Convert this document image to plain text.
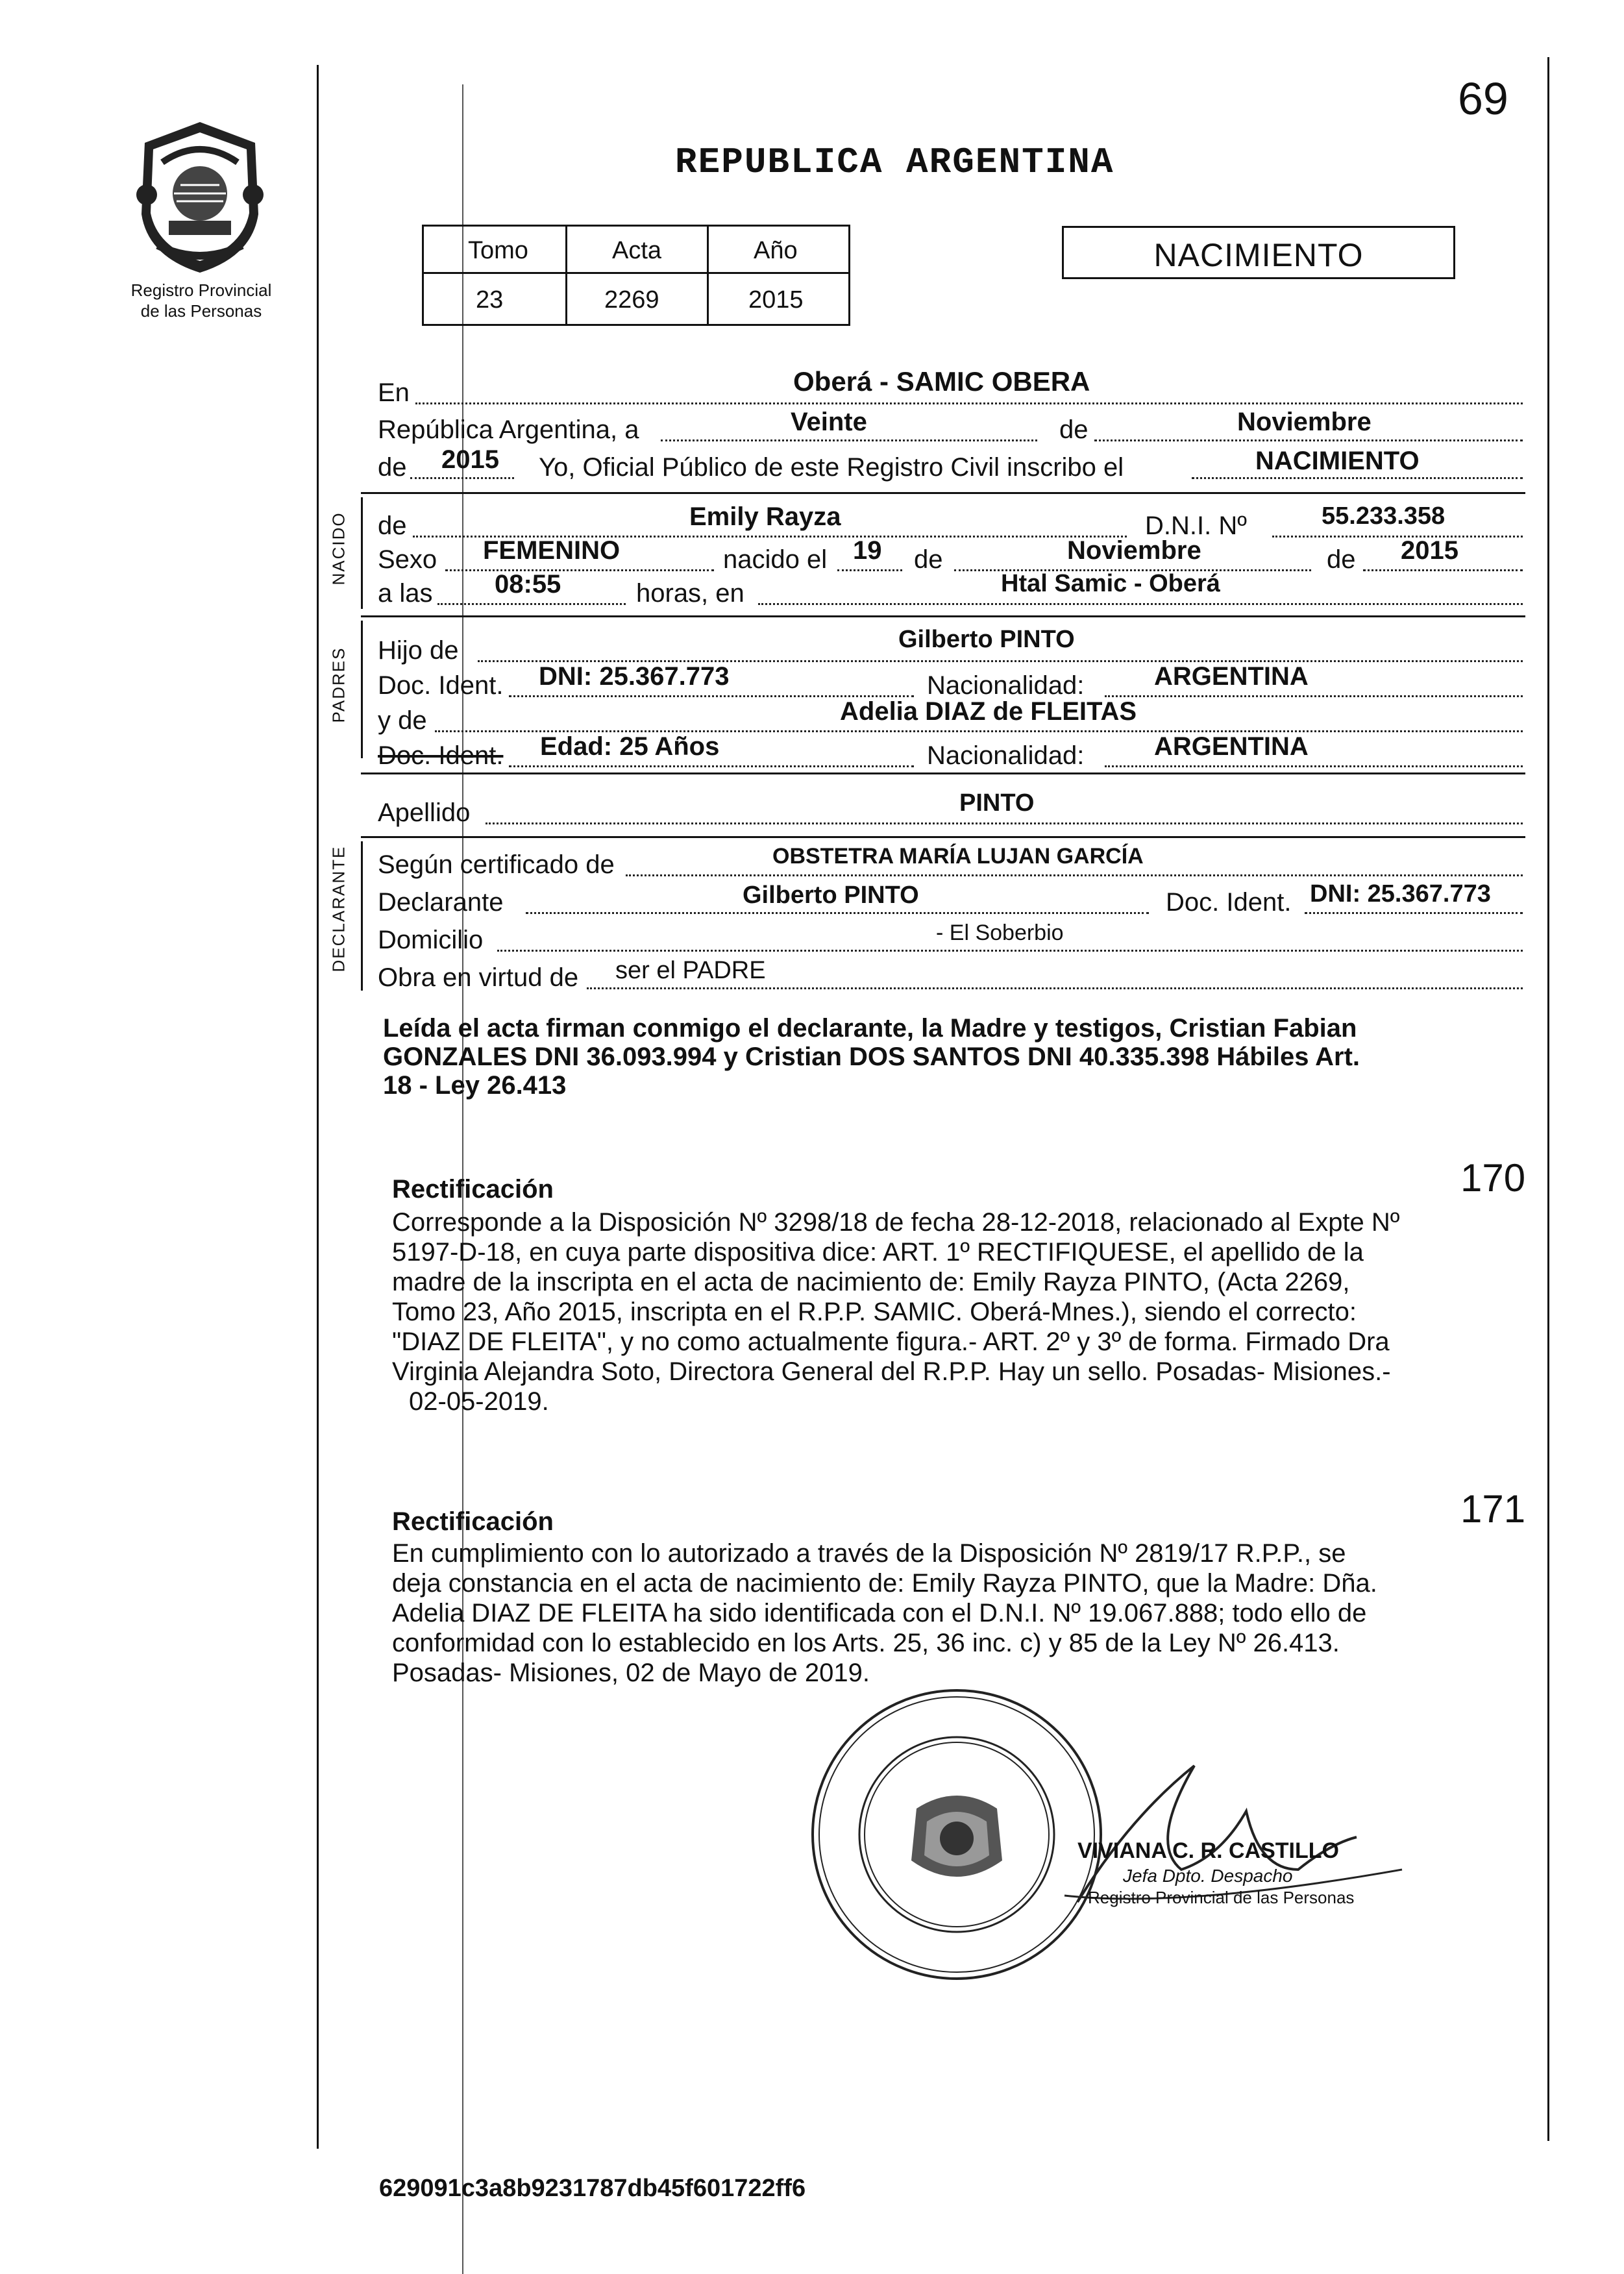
69
Registro Provincial
de las Personas
REPUBLICA ARGENTINA
Tomo	Acta	Año
23	2269	2015
NACIMIENTO
En	Oberá - SAMIC OBERA
República Argentina, a	Veinte	de	Noviembre
de 2015 Yo, Oficial Público de este Registro Civil inscribo el	NACIMIENTO
NACIDO de	Emily Rayza	D.N.I. Nº	55.233.358
Sexo FEMENINO	nacido el 19 de	Noviembre	de 2015
a las 08:55	horas, en	Htal Samic - Oberá
PADRES Hijo de	Gilberto PINTO
Doc. Ident. DNI: 25.367.773	Nacionalidad:	ARGENTINA
y de	Adelia DIAZ de FLEITAS
Doc. Ident. Edad: 25 Años	Nacionalidad:	ARGENTINA
Apellido	PINTO
DECLARANTE Según certificado de	OBSTETRA MARÍA LUJAN GARCÍA
Declarante	Gilberto PINTO	Doc. Ident. DNI: 25.367.773
Domicilio	- El Soberbio
Obra en virtud de ser el PADRE
Leída el acta firman conmigo el declarante, la Madre y testigos, Cristian Fabian
GONZALES DNI 36.093.994 y Cristian DOS SANTOS DNI 40.335.398 Hábiles Art.
18 - Ley 26.413
170
Rectificación
Corresponde a la Disposición Nº 3298/18 de fecha 28-12-2018, relacionado al Expte Nº
5197-D-18, en cuya parte dispositiva dice: ART. 1º RECTIFIQUESE, el apellido de la
madre de la inscripta en el acta de nacimiento de: Emily Rayza PINTO, (Acta 2269,
Tomo 23, Año 2015, inscripta en el R.P.P. SAMIC. Oberá-Mnes.), siendo el correcto:
"DIAZ DE FLEITA", y no como actualmente figura.- ART. 2º y 3º de forma. Firmado Dra
Virginia Alejandra Soto, Directora General del R.P.P. Hay un sello. Posadas- Misiones.-
02-05-2019.
171
Rectificación
En cumplimiento con lo autorizado a través de la Disposición Nº 2819/17 R.P.P., se
deja constancia en el acta de nacimiento de: Emily Rayza PINTO, que la Madre: Dña.
Adelia DIAZ DE FLEITA ha sido identificada con el D.N.I. Nº 19.067.888; todo ello de
conformidad con lo establecido en los Arts. 25, 36 inc. c) y 85 de la Ley Nº 26.413.
Posadas- Misiones, 02 de Mayo de 2019.
VIVIANA C. R. CASTILLO
Jefa Dpto. Despacho
Registro Provincial de las Personas
629091c3a8b9231787db45f601722ff6
